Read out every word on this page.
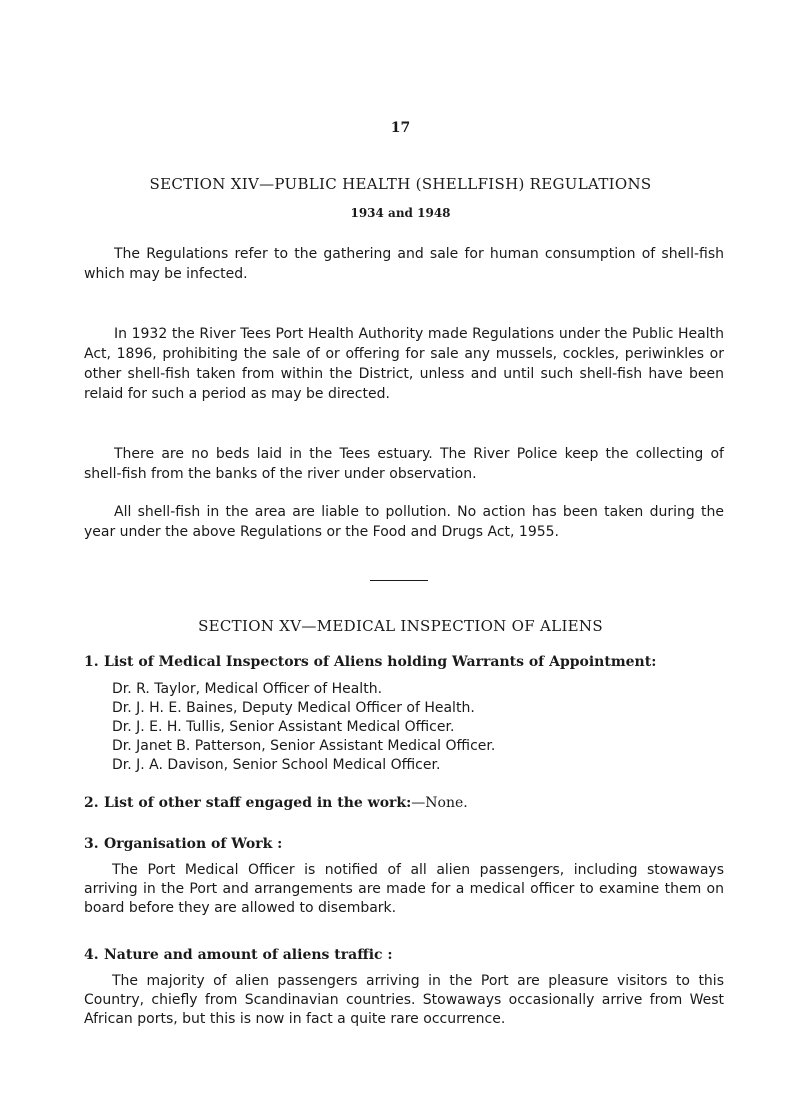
17
SECTION XIV—PUBLIC HEALTH (SHELLFISH) REGULATIONS
1934 and 1948

The Regulations refer to the gathering and sale for human consumption of shell-fish which may be infected.

In 1932 the River Tees Port Health Authority made Regulations under the Public Health Act, 1896, prohibiting the sale of or offering for sale any mussels, cockles, periwinkles or other shell-fish taken from within the District, unless and until such shell-fish have been relaid for such a period as may be directed.

There are no beds laid in the Tees estuary. The River Police keep the collecting of shell-fish from the banks of the river under observation.

All shell-fish in the area are liable to pollution. No action has been taken during the year under the above Regulations or the Food and Drugs Act, 1955.

SECTION XV—MEDICAL INSPECTION OF ALIENS
1. List of Medical Inspectors of Aliens holding Warrants of Appointment:
Dr. R. Taylor, Medical Officer of Health.
Dr. J. H. E. Baines, Deputy Medical Officer of Health.
Dr. J. E. H. Tullis, Senior Assistant Medical Officer.
Dr. Janet B. Patterson, Senior Assistant Medical Officer.
Dr. J. A. Davison, Senior School Medical Officer.
2. List of other staff engaged in the work:—None.
3. Organisation of Work :

The Port Medical Officer is notified of all alien passengers, including stowaways arriving in the Port and arrangements are made for a medical officer to examine them on board before they are allowed to disembark.

4. Nature and amount of aliens traffic :

The majority of alien passengers arriving in the Port are pleasure visitors to this Country, chiefly from Scandinavian countries. Stowaways occasionally arrive from West African ports, but this is now in fact a quite rare occurrence.
